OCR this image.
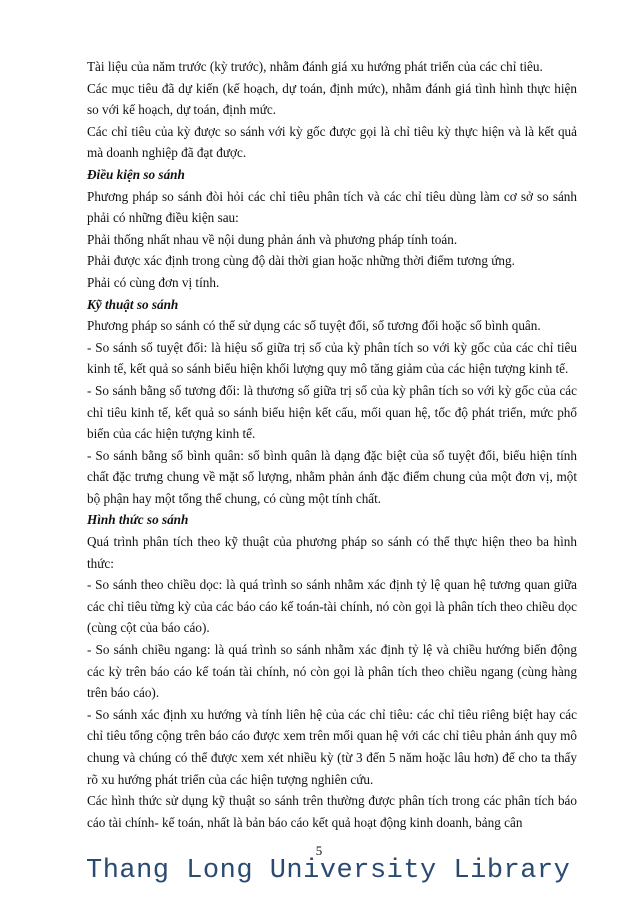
Tài liệu của năm trước (kỳ trước), nhằm đánh giá xu hướng phát triển của các chỉ tiêu.

Các mục tiêu đã dự kiến (kế hoạch, dự toán, định mức), nhằm đánh giá tình hình thực hiện so với kế hoạch, dự toán, định mức.

Các chỉ tiêu của kỳ được so sánh với kỳ gốc được gọi là chỉ tiêu kỳ thực hiện và là kết quả mà doanh nghiệp đã đạt được.

Điều kiện so sánh

Phương pháp so sánh đòi hỏi các chỉ tiêu phân tích và các chỉ tiêu dùng làm cơ sở so sánh phải có những điều kiện sau:

Phải thống nhất nhau về nội dung phản ánh và phương pháp tính toán.

Phải được xác định trong cùng độ dài thời gian hoặc những thời điểm tương ứng.

Phải có cùng đơn vị tính.

Kỹ thuật so sánh

Phương pháp so sánh có thể sử dụng các số tuyệt đối, số tương đối hoặc số bình quân.

- So sánh số tuyệt đối: là hiệu số giữa trị số của kỳ phân tích so với kỳ gốc của các chỉ tiêu kinh tế, kết quả so sánh biểu hiện khối lượng quy mô tăng giảm của các hiện tượng kinh tế.

- So sánh bằng số tương đối: là thương số giữa trị số của kỳ phân tích so với kỳ gốc của các chỉ tiêu kinh tế, kết quả so sánh biểu hiện kết cấu, mối quan hệ, tốc độ phát triển, mức phổ biến của các hiện tượng kinh tế.

- So sánh bằng số bình quân: số bình quân là dạng đặc biệt của số tuyệt đối, biểu hiện tính chất đặc trưng chung về mặt số lượng, nhằm phản ánh đặc điểm chung của một đơn vị, một bộ phận hay một tổng thể chung, có cùng một tính chất.

Hình thức so sánh

Quá trình phân tích theo kỹ thuật của phương pháp so sánh có thể thực hiện theo ba hình thức:

- So sánh theo chiều dọc: là quá trình so sánh nhằm xác định tỷ lệ quan hệ tương quan giữa các chỉ tiêu từng kỳ của các báo cáo kế toán-tài chính, nó còn gọi là phân tích theo chiều dọc (cùng cột của báo cáo).

- So sánh chiều ngang: là quá trình so sánh nhằm xác định tỷ lệ và chiều hướng biến động các kỳ trên báo cáo kế toán tài chính, nó còn gọi là phân tích theo chiều ngang (cùng hàng trên báo cáo).

- So sánh xác định xu hướng và tính liên hệ của các chỉ tiêu: các chỉ tiêu riêng biệt hay các chỉ tiêu tổng cộng trên báo cáo được xem trên mối quan hệ với các chỉ tiêu phản ánh quy mô chung và chúng có thể được xem xét nhiều kỳ (từ 3 đến 5 năm hoặc lâu hơn) để cho ta thấy rõ xu hướng phát triển của các hiện tượng nghiên cứu.

Các hình thức sử dụng kỹ thuật so sánh trên thường được phân tích trong các phân tích báo cáo tài chính- kế toán, nhất là bản báo cáo kết quả hoạt động kinh doanh, bảng cân

5
Thang Long University Library
